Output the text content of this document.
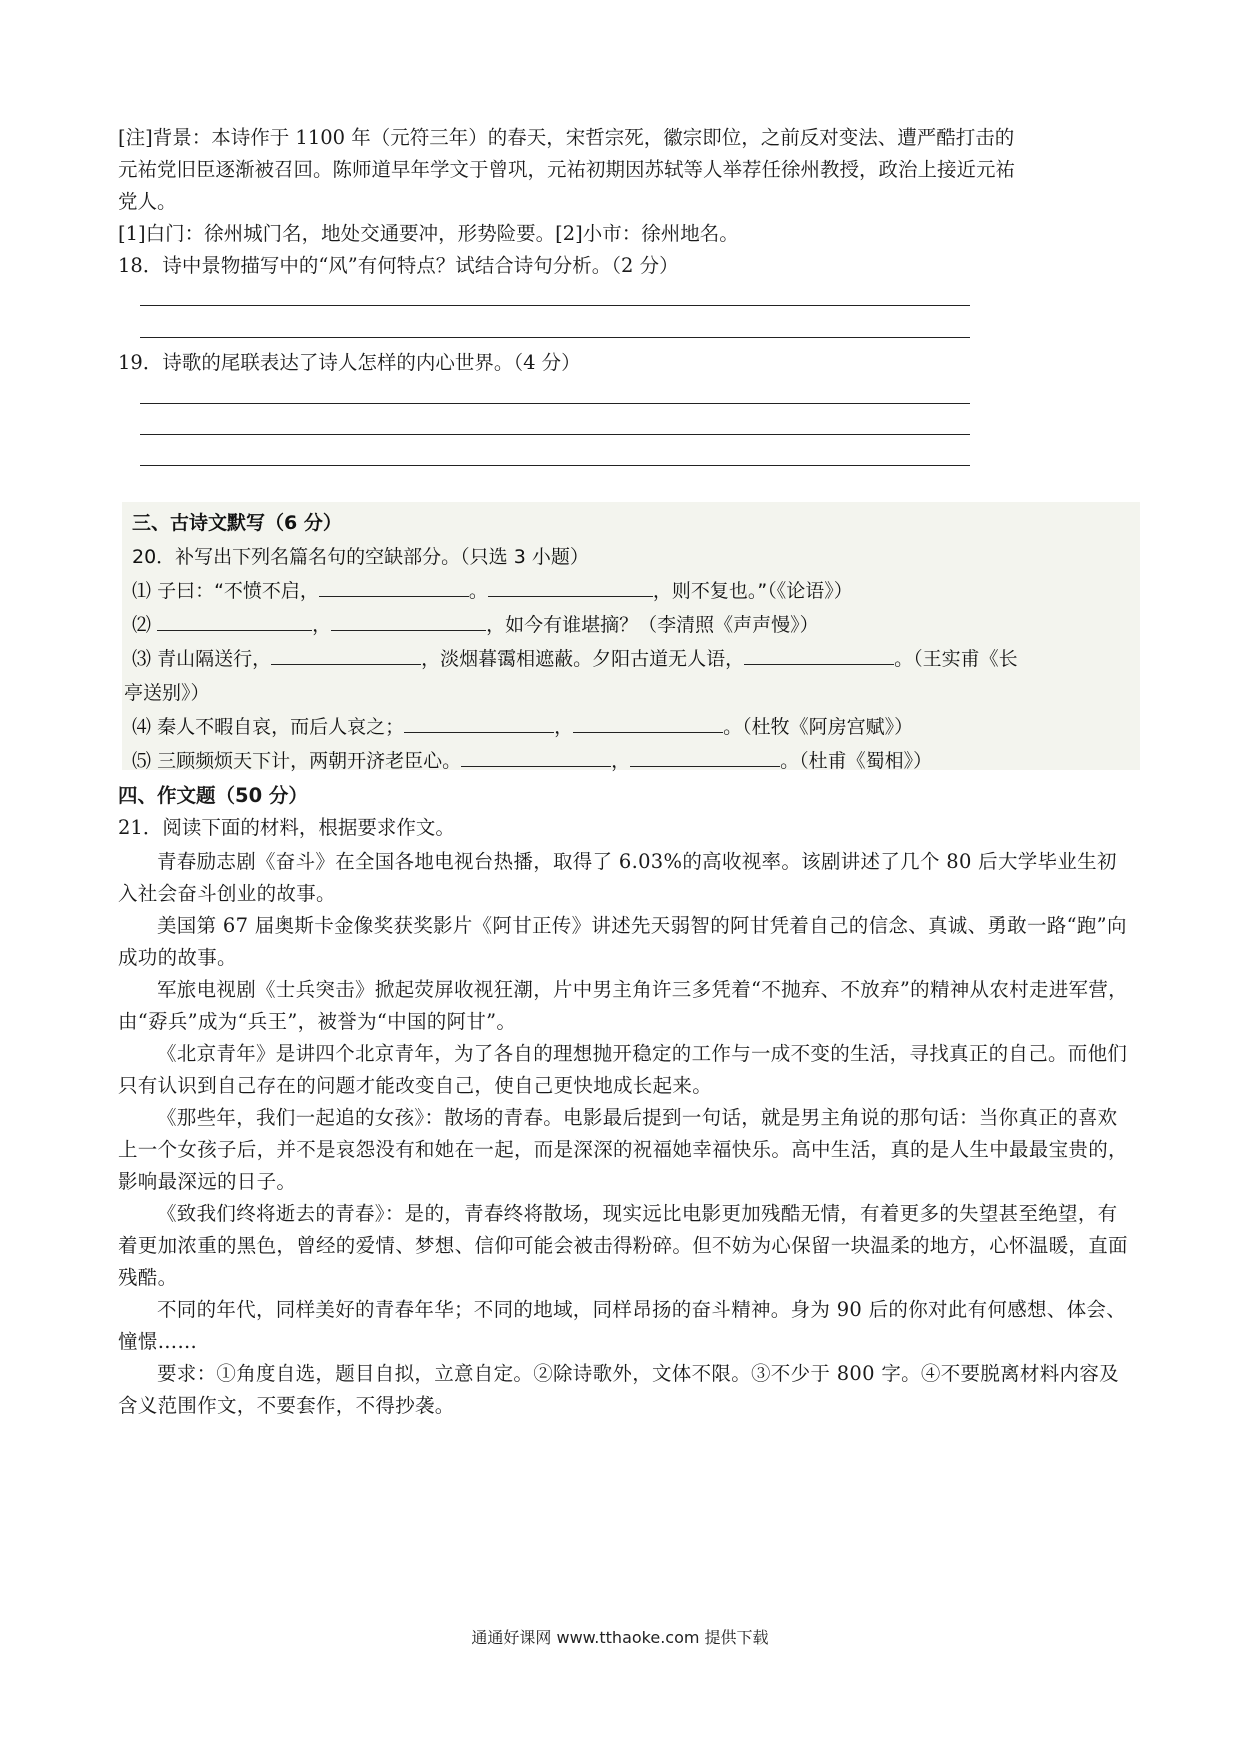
[注]背景：本诗作于 1100 年（元符三年）的春天，宋哲宗死，徽宗即位，之前反对变法、遭严酷打击的
元祐党旧臣逐渐被召回。陈师道早年学文于曾巩，元祐初期因苏轼等人举荐任徐州教授，政治上接近元祐
党人。
[1]白门：徐州城门名，地处交通要冲，形势险要。[2]小市：徐州地名。
18．诗中景物描写中的“风”有何特点？试结合诗句分析。（2 分）
19．诗歌的尾联表达了诗人怎样的内心世界。（4 分）
三、古诗文默写（6 分）
20．补写出下列名篇名句的空缺部分。（只选 3 小题）
⑴ 子曰：“不愤不启，	。	，则不复也。”（《论语》）
⑵	，	，如今有谁堪摘？（李清照《声声慢》）
⑶ 青山隔送行，	，淡烟暮霭相遮蔽。夕阳古道无人语，	。（王实甫《长
亭送别》）
⑷ 秦人不暇自哀，而后人哀之；	，	。（杜牧《阿房宫赋》）
⑸ 三顾频烦天下计，两朝开济老臣心。	，	。（杜甫《蜀相》）
四、作文题（50 分）
21．阅读下面的材料，根据要求作文。
青春励志剧《奋斗》在全国各地电视台热播，取得了 6.03%的高收视率。该剧讲述了几个 80 后大学毕业生初入社会奋斗创业的故事。
美国第 67 届奥斯卡金像奖获奖影片《阿甘正传》讲述先天弱智的阿甘凭着自己的信念、真诚、勇敢一路“跑”向成功的故事。
军旅电视剧《士兵突击》掀起荧屏收视狂潮，片中男主角许三多凭着“不抛弃、不放弃”的精神从农村走进军营，由“孬兵”成为“兵王”，被誉为“中国的阿甘”。
《北京青年》是讲四个北京青年，为了各自的理想抛开稳定的工作与一成不变的生活，寻找真正的自己。而他们只有认识到自己存在的问题才能改变自己，使自己更快地成长起来。
《那些年，我们一起追的女孩》：散场的青春。电影最后提到一句话，就是男主角说的那句话：当你真正的喜欢上一个女孩子后，并不是哀怨没有和她在一起，而是深深的祝福她幸福快乐。高中生活，真的是人生中最最宝贵的，影响最深远的日子。
《致我们终将逝去的青春》：是的，青春终将散场，现实远比电影更加残酷无情，有着更多的失望甚至绝望，有着更加浓重的黑色，曾经的爱情、梦想、信仰可能会被击得粉碎。但不妨为心保留一块温柔的地方，心怀温暖，直面残酷。
不同的年代，同样美好的青春年华；不同的地域，同样昂扬的奋斗精神。身为 90 后的你对此有何感想、体会、憧憬……
要求：①角度自选，题目自拟，立意自定。②除诗歌外，文体不限。③不少于 800 字。④不要脱离材料内容及含义范围作文，不要套作，不得抄袭。
通通好课网 www.tthaoke.com 提供下载
